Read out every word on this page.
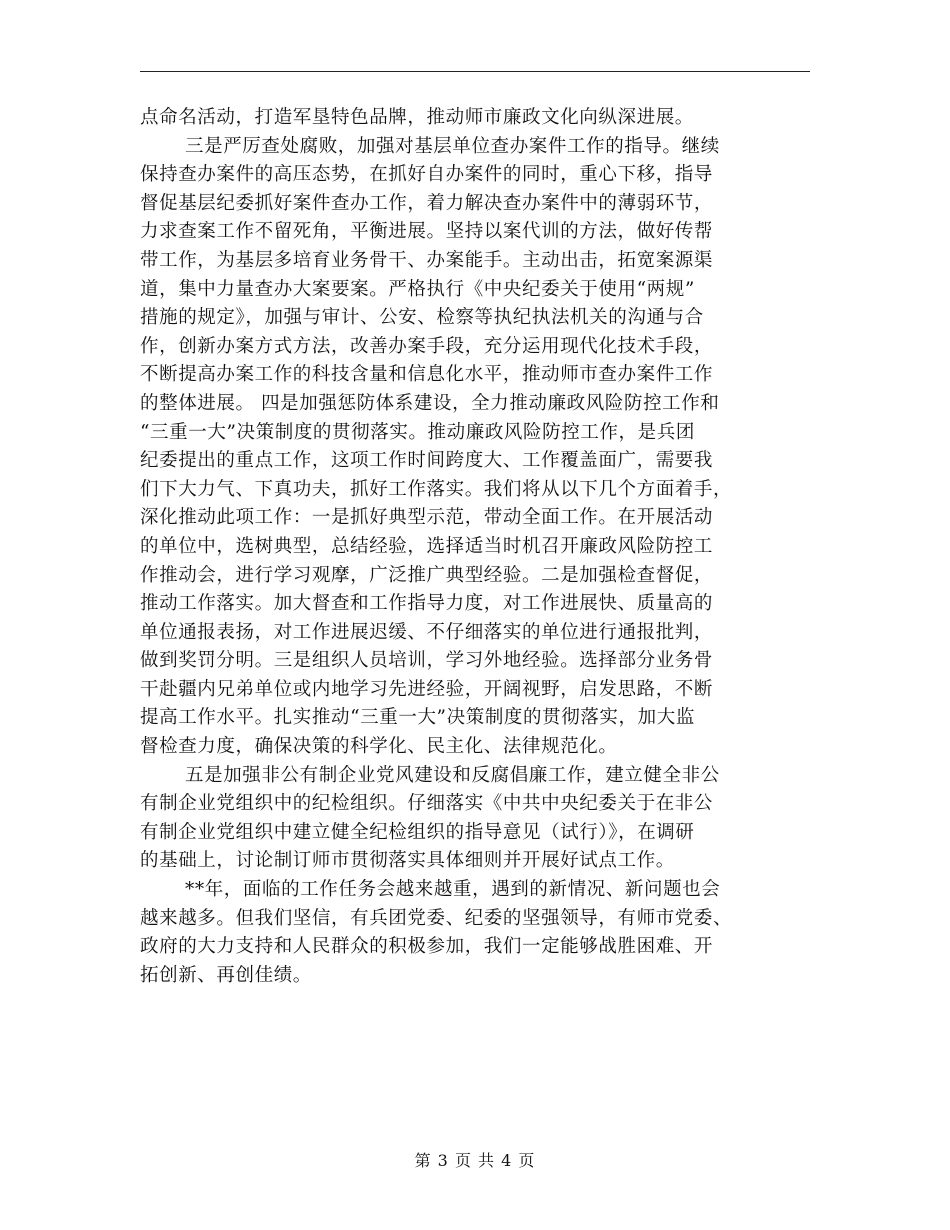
点命名活动，打造军垦特色品牌，推动师市廉政文化向纵深进展。
三是严厉查处腐败，加强对基层单位查办案件工作的指导。继续
保持查办案件的高压态势，在抓好自办案件的同时，重心下移，指导
督促基层纪委抓好案件查办工作，着力解决查办案件中的薄弱环节，
力求查案工作不留死角，平衡进展。坚持以案代训的方法，做好传帮
带工作，为基层多培育业务骨干、办案能手。主动出击，拓宽案源渠
道，集中力量查办大案要案。严格执行《中央纪委关于使用“两规”
措施的规定》，加强与审计、公安、检察等执纪执法机关的沟通与合
作，创新办案方式方法，改善办案手段，充分运用现代化技术手段，
不断提高办案工作的科技含量和信息化水平，推动师市查办案件工作
的整体进展。 四是加强惩防体系建设，全力推动廉政风险防控工作和
“三重一大”决策制度的贯彻落实。推动廉政风险防控工作，是兵团
纪委提出的重点工作，这项工作时间跨度大、工作覆盖面广，需要我
们下大力气、下真功夫，抓好工作落实。我们将从以下几个方面着手，
深化推动此项工作：一是抓好典型示范，带动全面工作。在开展活动
的单位中，选树典型，总结经验，选择适当时机召开廉政风险防控工
作推动会，进行学习观摩，广泛推广典型经验。二是加强检查督促，
推动工作落实。加大督查和工作指导力度，对工作进展快、质量高的
单位通报表扬，对工作进展迟缓、不仔细落实的单位进行通报批判，
做到奖罚分明。三是组织人员培训，学习外地经验。选择部分业务骨
干赴疆内兄弟单位或内地学习先进经验，开阔视野，启发思路，不断
提高工作水平。扎实推动“三重一大”决策制度的贯彻落实，加大监
督检查力度，确保决策的科学化、民主化、法律规范化。
五是加强非公有制企业党风建设和反腐倡廉工作，建立健全非公
有制企业党组织中的纪检组织。仔细落实《中共中央纪委关于在非公
有制企业党组织中建立健全纪检组织的指导意见（试行）》，在调研
的基础上，讨论制订师市贯彻落实具体细则并开展好试点工作。
**年，面临的工作任务会越来越重，遇到的新情况、新问题也会
越来越多。但我们坚信，有兵团党委、纪委的坚强领导，有师市党委、
政府的大力支持和人民群众的积极参加，我们一定能够战胜困难、开
拓创新、再创佳绩。
第 3 页 共 4 页
